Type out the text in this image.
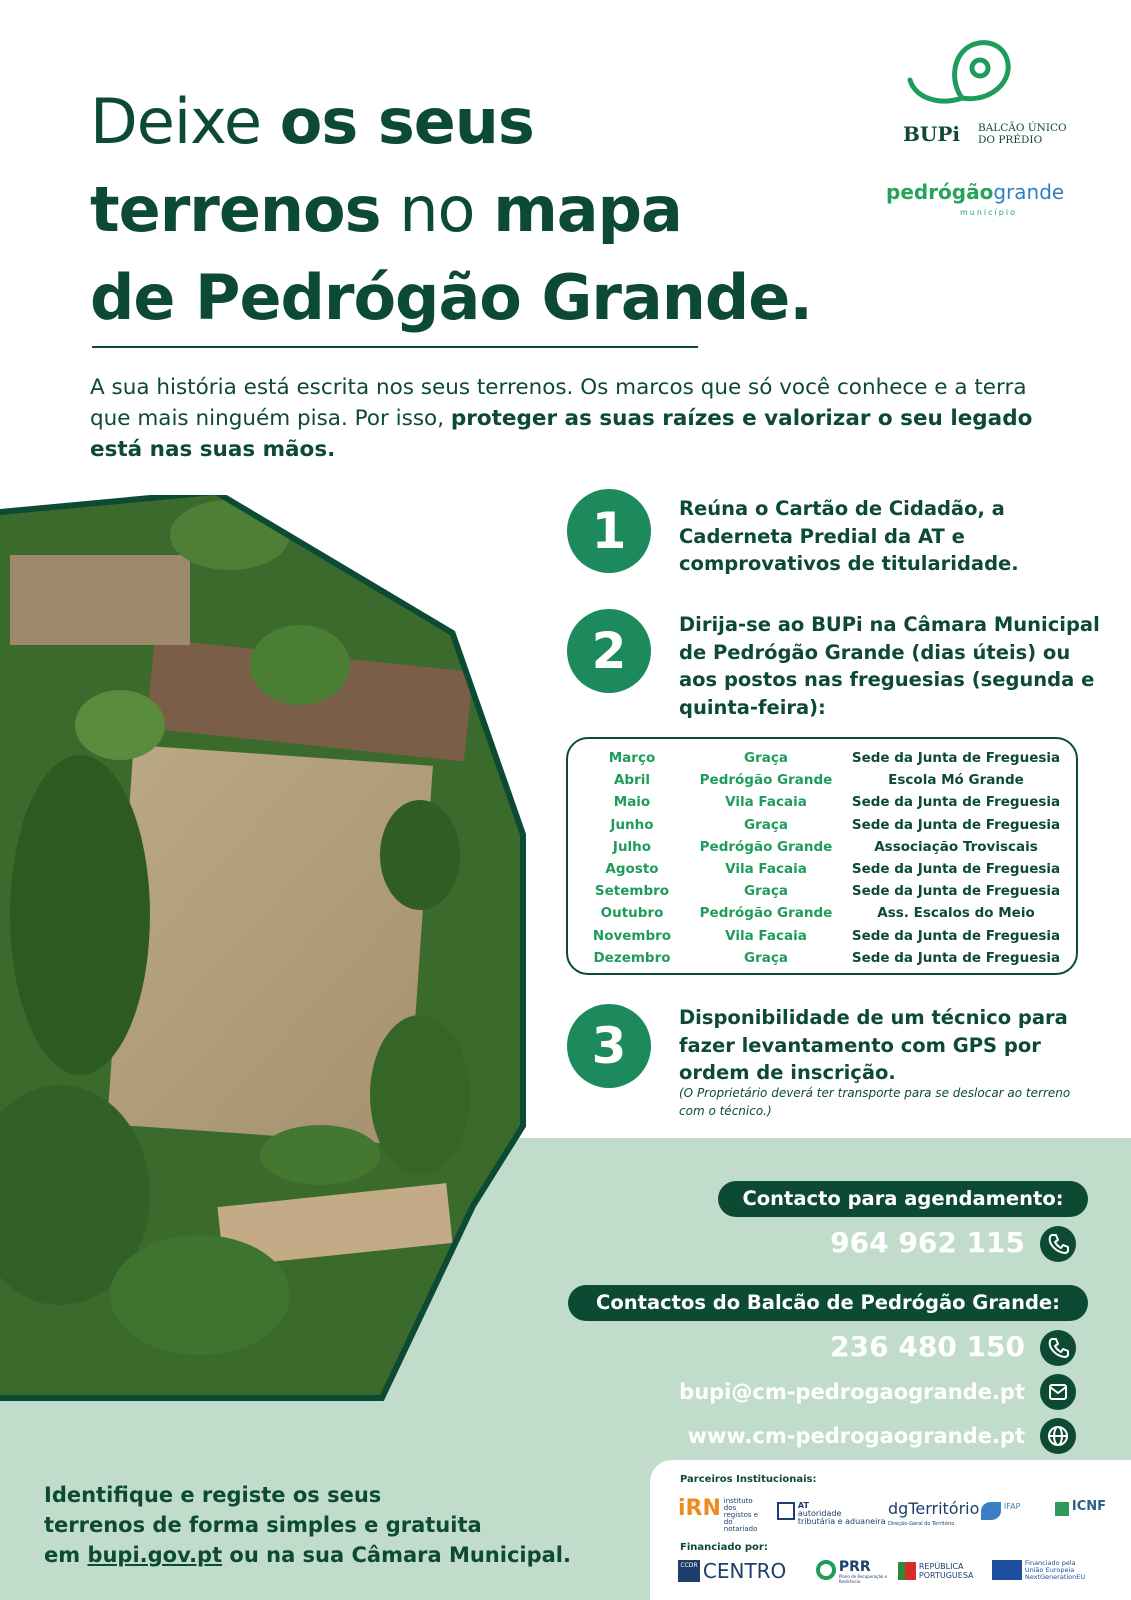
Deixe os seus
terrenos no mapa
de Pedrógão Grande.
A sua história está escrita nos seus terrenos. Os marcos que só você conhece e a terra que mais ninguém pisa. Por isso, proteger as suas raízes e valorizar o seu legado está nas suas mãos.
BUPi BALCÃO ÚNICO
DO PRÉDIO
pedrógãogrande
município
1	Reúna o Cartão de Cidadão, a Caderneta Predial da AT e comprovativos de titularidade.
2	Dirija-se ao BUPi na Câmara Municipal de Pedrógão Grande (dias úteis) ou aos postos nas freguesias (segunda e quinta-feira):
Março	Graça	Sede da Junta de Freguesia
Abril	Pedrógão Grande	Escola Mó Grande
Maio	Vila Facaia	Sede da Junta de Freguesia
Junho	Graça	Sede da Junta de Freguesia
Julho	Pedrógão Grande	Associação Troviscais
Agosto	Vila Facaia	Sede da Junta de Freguesia
Setembro	Graça	Sede da Junta de Freguesia
Outubro	Pedrógão Grande	Ass. Escalos do Meio
Novembro	Vila Facaia	Sede da Junta de Freguesia
Dezembro	Graça	Sede da Junta de Freguesia
3	Disponibilidade de um técnico para fazer levantamento com GPS por ordem de inscrição.
(O Proprietário deverá ter transporte para se deslocar ao terreno com o técnico.)
Contacto para agendamento:
964 962 115
Contactos do Balcão de Pedrógão Grande:
236 480 150
bupi@cm-pedrogaogrande.pt
www.cm-pedrogaogrande.pt
Identifique e registe os seus
terrenos de forma simples e gratuita
em bupi.gov.pt ou na sua Câmara Municipal.
Parceiros Institucionais:
iRN instituto dos registos e do notariado
AT
autoridade
tributária e aduaneira
dgTerritório
Direção-Geral do Território
IFAP	ICNF
Financiado por:
CCDR CENTRO	PRR
Plano de Recuperação e Resiliência
REPÚBLICA
PORTUGUESA
Financiado pela
União Europeia
NextGenerationEU
